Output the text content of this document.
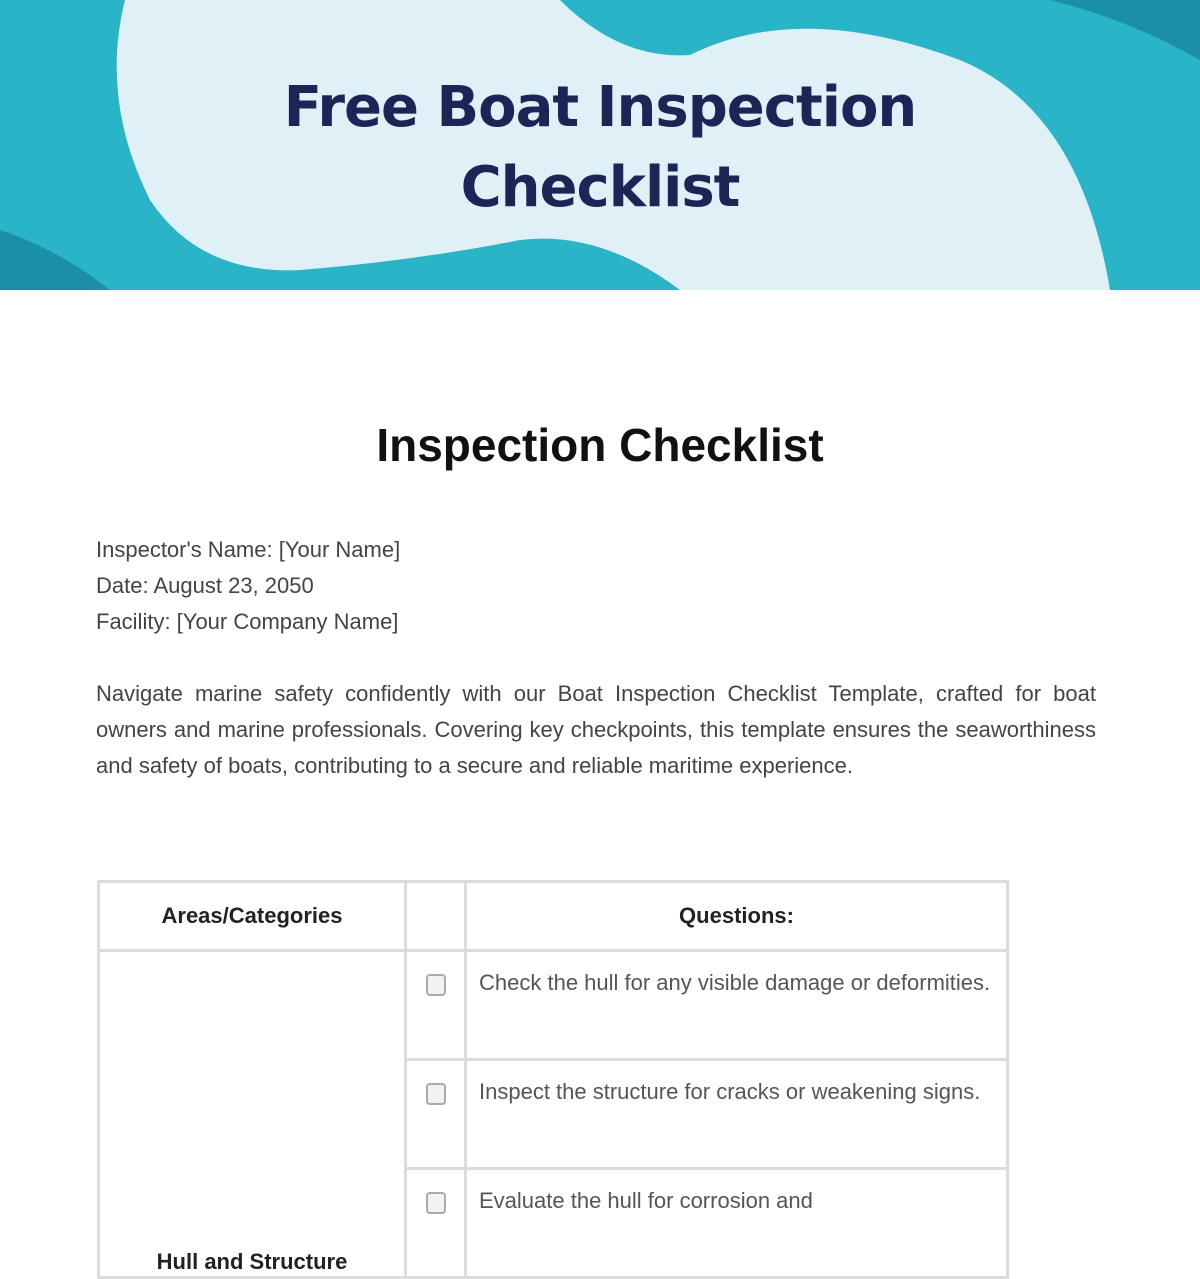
Free Boat Inspection
Checklist
Inspection Checklist
Inspector's Name: [Your Name]
Date: August 23, 2050
Facility: [Your Company Name]
Navigate marine safety confidently with our Boat Inspection Checklist Template, crafted for boat owners and marine professionals. Covering key checkpoints, this template ensures the seaworthiness and safety of boats, contributing to a secure and reliable maritime experience.
Areas/Categories		Questions:
Hull and Structure		Check the hull for any visible damage or deformities.
		Inspect the structure for cracks or weakening signs.
		Evaluate the hull for corrosion and
